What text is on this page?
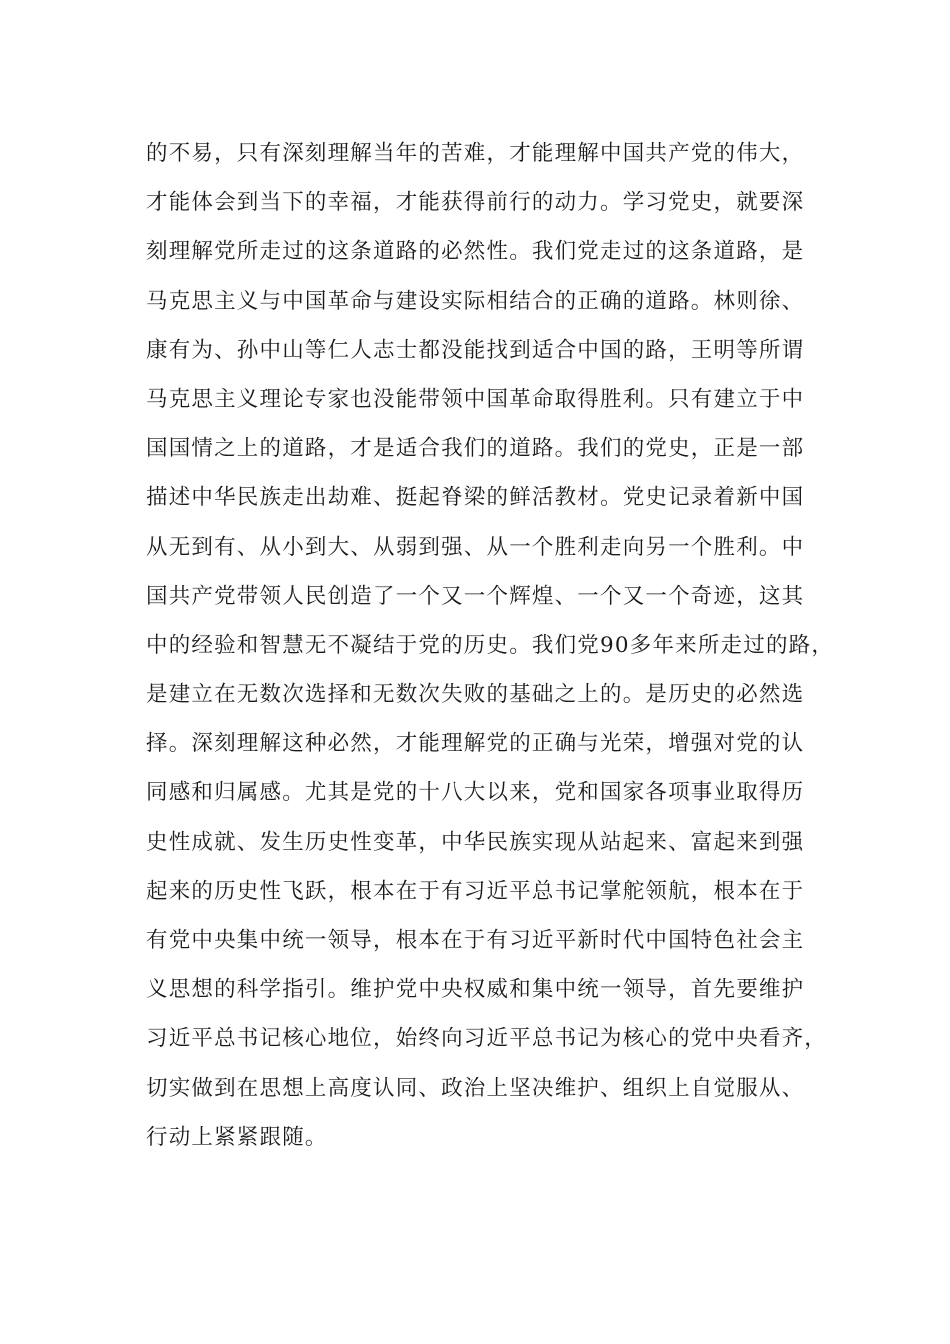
的不易，只有深刻理解当年的苦难，才能理解中国共产党的伟大，
才能体会到当下的幸福，才能获得前行的动力。学习党史，就要深
刻理解党所走过的这条道路的必然性。我们党走过的这条道路，是
马克思主义与中国革命与建设实际相结合的正确的道路。林则徐、
康有为、孙中山等仁人志士都没能找到适合中国的路，王明等所谓
马克思主义理论专家也没能带领中国革命取得胜利。只有建立于中
国国情之上的道路，才是适合我们的道路。我们的党史，正是一部
描述中华民族走出劫难、挺起脊梁的鲜活教材。党史记录着新中国
从无到有、从小到大、从弱到强、从一个胜利走向另一个胜利。中
国共产党带领人民创造了一个又一个辉煌、一个又一个奇迹，这其
中的经验和智慧无不凝结于党的历史。我们党90多年来所走过的路，
是建立在无数次选择和无数次失败的基础之上的。是历史的必然选
择。深刻理解这种必然，才能理解党的正确与光荣，增强对党的认
同感和归属感。尤其是党的十八大以来，党和国家各项事业取得历
史性成就、发生历史性变革，中华民族实现从站起来、富起来到强
起来的历史性飞跃，根本在于有习近平总书记掌舵领航，根本在于
有党中央集中统一领导，根本在于有习近平新时代中国特色社会主
义思想的科学指引。维护党中央权威和集中统一领导，首先要维护
习近平总书记核心地位，始终向习近平总书记为核心的党中央看齐，
切实做到在思想上高度认同、政治上坚决维护、组织上自觉服从、
行动上紧紧跟随。
